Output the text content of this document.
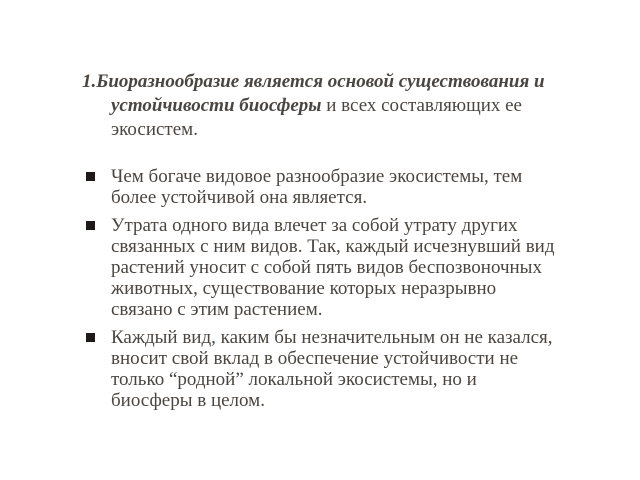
1.Биоразнообразие является основой существования и
устойчивости биосферы и всех составляющих ее
экосистем.
Чем богаче видовое разнообразие экосистемы, тем
более устойчивой она является.
Утрата одного вида влечет за собой утрату других
связанных с ним видов. Так, каждый исчезнувший вид
растений уносит с собой пять видов беспозвоночных
животных, существование которых неразрывно
связано с этим растением.
Каждый вид, каким бы незначительным он не казался,
вносит свой вклад в обеспечение устойчивости не
только “родной” локальной экосистемы, но и
биосферы в целом.
